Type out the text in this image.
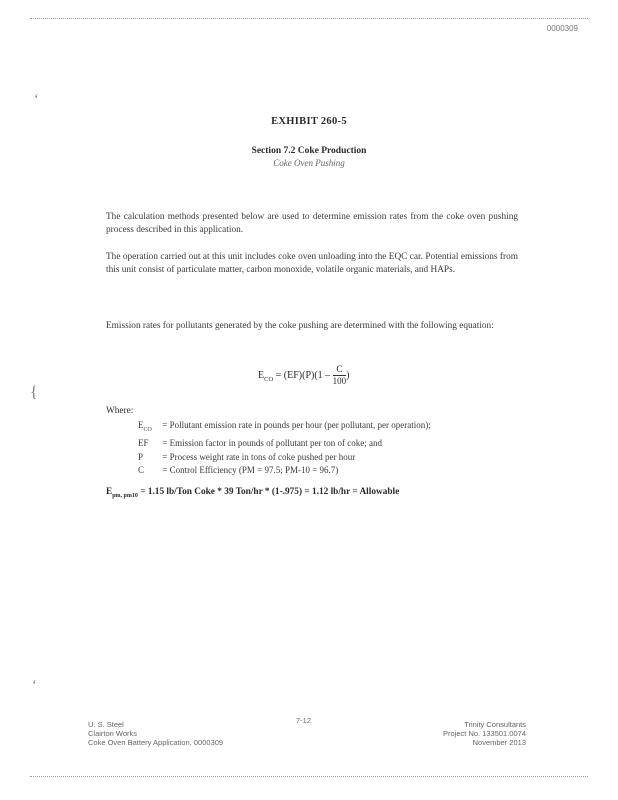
0000309
‘
{
‘
EXHIBIT 260-5
Section 7.2 Coke Production
Coke Oven Pushing
The calculation methods presented below are used to determine emission rates from the coke oven pushing process described in this application.
The operation carried out at this unit includes coke oven unloading into the EQC car. Potential emissions from this unit consist of particulate matter, carbon monoxide, volatile organic materials, and HAPs.
Emission rates for pollutants generated by the coke pushing are determined with the following equation:
$E_{CO} = (EF)(P)(1 - \frac{C}{100}$ )
Where:
$E_{CO}$ = Pollutant emission rate in pounds per hour (per pollutant, per operation);
EF = Emission factor in pounds of pollutant per ton of coke; and
P = Process weight rate in tons of coke pushed per hour
C = Control Efficiency (PM = 97.5; PM-10 = 96.7)
$E_{pm, pm10} = 1.15$ lb/Ton Coke * 39 Ton/hr * (1-.975) = 1.12 lb/hr = Allowable
U. S. Steel
Clairton Works
Coke Oven Battery Application, 0000309
7-12	Trinity Consultants
Project No. 133501.0074
November 2013
